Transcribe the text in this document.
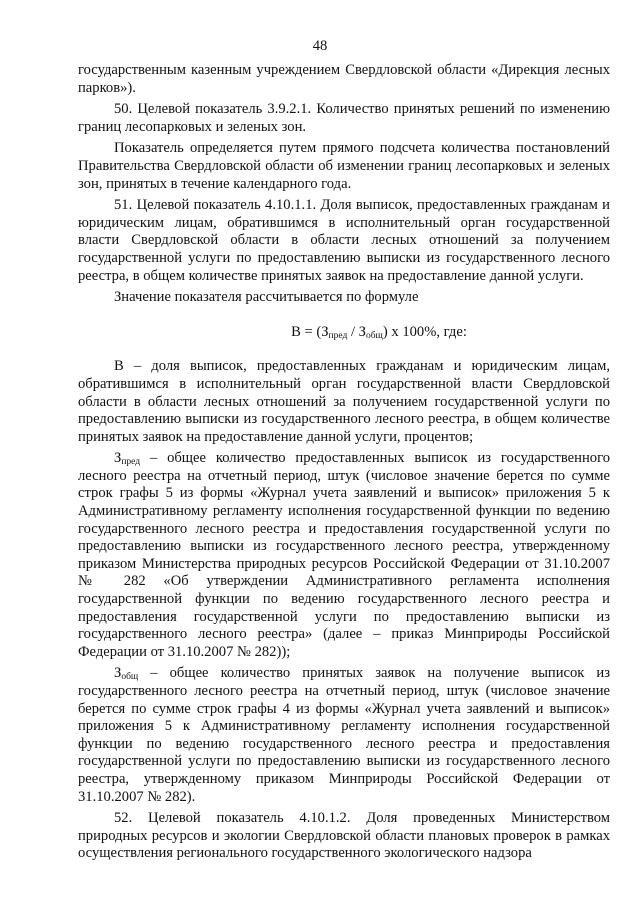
48

государственным казенным учреждением Свердловской области «Дирекция лесных парков»).

50. Целевой показатель 3.9.2.1. Количество принятых решений по изменению границ лесопарковых и зеленых зон.

Показатель определяется путем прямого подсчета количества постановлений Правительства Свердловской области об изменении границ лесопарковых и зеленых зон, принятых в течение календарного года.

51. Целевой показатель 4.10.1.1. Доля выписок, предоставленных гражданам и юридическим лицам, обратившимся в исполнительный орган государственной власти Свердловской области в области лесных отношений за получением государственной услуги по предоставлению выписки из государственного лесного реестра, в общем количестве принятых заявок на предоставление данной услуги.

Значение показателя рассчитывается по формуле

$В = (З_{пред} / З_{общ})$ x 100%, где:

В – доля выписок, предоставленных гражданам и юридическим лицам, обратившимся в исполнительный орган государственной власти Свердловской области в области лесных отношений за получением государственной услуги по предоставлению выписки из государственного лесного реестра, в общем количестве принятых заявок на предоставление данной услуги, процентов;

$З_{пред}$ – общее количество предоставленных выписок из государственного лесного реестра на отчетный период, штук (числовое значение берется по сумме строк графы 5 из формы «Журнал учета заявлений и выписок» приложения 5 к Административному регламенту исполнения государственной функции по ведению государственного лесного реестра и предоставления государственной услуги по предоставлению выписки из государственного лесного реестра, утвержденному приказом Министерства природных ресурсов Российской Федерации от 31.10.2007 № 282 «Об утверждении Административного регламента исполнения государственной функции по ведению государственного лесного реестра и предоставления государственной услуги по предоставлению выписки из государственного лесного реестра» (далее – приказ Минприроды Российской Федерации от 31.10.2007 № 282));

$З_{общ}$ – общее количество принятых заявок на получение выписок из государственного лесного реестра на отчетный период, штук (числовое значение берется по сумме строк графы 4 из формы «Журнал учета заявлений и выписок» приложения 5 к Административному регламенту исполнения государственной функции по ведению государственного лесного реестра и предоставления государственной услуги по предоставлению выписки из государственного лесного реестра, утвержденному приказом Минприроды Российской Федерации от 31.10.2007 № 282).

52. Целевой показатель 4.10.1.2. Доля проведенных Министерством природных ресурсов и экологии Свердловской области плановых проверок в рамках осуществления регионального государственного экологического надзора
